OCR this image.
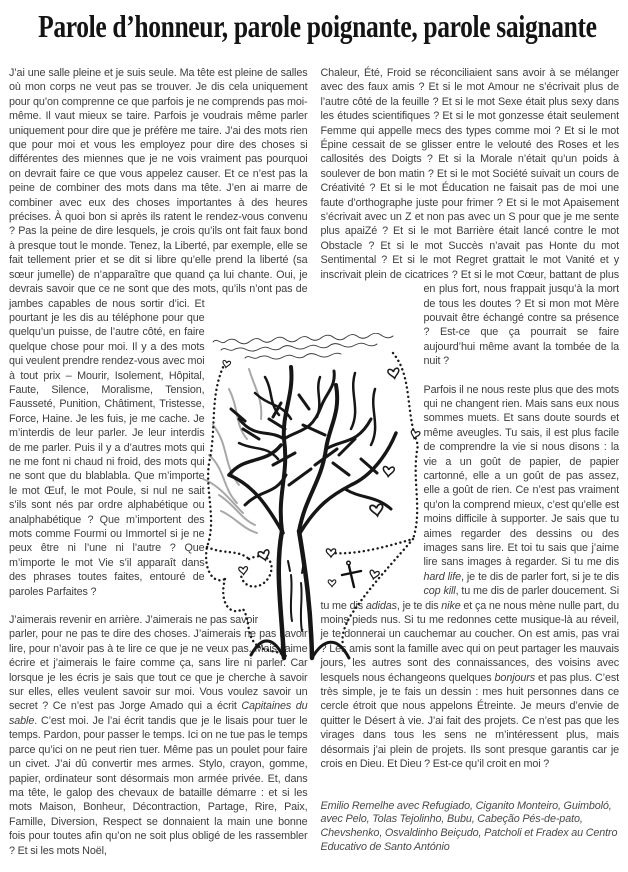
Parole d’honneur, parole poignante, parole saignante

J’ai une salle pleine et je suis seule. Ma tête est pleine de salles où mon corps ne veut pas se trouver. Je dis cela uniquement pour qu’on comprenne ce que parfois je ne comprends pas moi-même. Il vaut mieux se taire. Parfois je voudrais même parler uniquement pour dire que je préfère me taire. J’ai des mots rien que pour moi et vous les employez pour dire des choses si différentes des miennes que je ne vois vraiment pas pourquoi on devrait faire ce que vous appelez causer. Et ce n’est pas la peine de combiner des mots dans ma tête. J’en ai marre de combiner avec eux des choses importantes à des heures précises. À quoi bon si après ils ratent le rendez-vous convenu ? Pas la peine de dire lesquels, je crois qu’ils ont fait faux bond à presque tout le monde. Tenez, la Liberté, par exemple, elle se fait tellement prier et se dit si libre qu’elle prend la liberté (sa sœur jumelle) de n’apparaître que quand ça lui chante. Oui, je devrais savoir que ce ne sont
que des mots, qu’ils n’ont pas de jambes capables de nous sortir d’ici. Et pourtant je les dis au téléphone pour que quelqu’un puisse, de l’autre côté, en faire quelque chose pour moi. Il y a des mots qui veulent prendre rendez-vous avec moi à tout prix – Mourir, Isolement, Hôpital, Faute, Silence, Moralisme, Tension, Fausseté, Punition, Châtiment, Tristesse, Force, Haine. Je les fuis, je me cache. Je m’interdis de leur parler. Je leur interdis de me parler. Puis il y a d’autres mots qui ne me font ni chaud ni froid, des mots qui ne sont que du blablabla. Que m’importe le mot Œuf, le mot Poule, si nul ne sait s’ils sont nés par ordre alphabétique ou analphabétique ? Que m’importent des mots comme Fourmi ou Immortel si je ne peux être ni l’une ni l’autre ? Que m’importe le mot Vie s’il apparaît dans des phrases toutes faites, entouré de paroles Parfaites ?

J’aimerais revenir en arrière. J’aimerais ne pas savoir parler, pour ne pas te dire des choses. J’aimerais ne pas savoir lire, pour n’avoir pas à te lire ce que je ne veux pas. Mais j’aime écrire et j’aimerais le faire comme ça, sans lire ni parler. Car lorsque je les écris je sais que tout ce que je cherche à savoir sur elles, elles veulent savoir sur moi. Vous voulez savoir un secret ? Ce n’est pas Jorge Amado qui a écrit Capitaines du sable. C’est moi. Je l’ai écrit tandis que je le lisais pour tuer le temps. Pardon, pour passer le temps. Ici on ne tue pas le temps parce qu’ici on ne peut rien tuer. Même pas un poulet pour faire un civet. J’ai dû convertir mes armes. Stylo, crayon, gomme, papier, ordinateur sont désormais mon armée privée. Et, dans ma tête, le galop des chevaux de bataille démarre : et si les mots Maison, Bonheur, Décontraction, Partage, Rire, Paix, Famille, Diversion, Respect se donnaient la main une bonne fois pour toutes afin qu’on ne soit plus obligé de les rassembler ? Et si les mots Noël,

Chaleur, Été, Froid se réconciliaient sans avoir à se mélanger avec des faux amis ? Et si le mot Amour ne s’écrivait plus de l’autre côté de la feuille ? Et si le mot Sexe était plus sexy dans les études scientifiques ? Et si le mot gonzesse était seulement Femme qui appelle mecs des types comme moi ? Et si le mot Épine cessait de se glisser entre le velouté des Roses et les callosités des Doigts ? Et si la Morale n’était qu’un poids à soulever de bon matin ? Et si le mot Société suivait un cours de Créativité ? Et si le mot Éducation ne faisait pas de moi une faute d’orthographe juste pour frimer ? Et si le mot Apaisement s’écrivait avec un Z et non pas avec un S pour que je me sente plus apaiZé ? Et si le mot Barrière était lancé contre le mot Obstacle ? Et si le mot Succès n’avait pas Honte du mot Sentimental ? Et si le mot Regret grattait le mot Vanité et y inscrivait plein de cicatrices ? Et si le mot Cœur, battant de plus en plus fort, nous frappait jusqu’à
la mort de tous les doutes ? Et si mon mot Mère pouvait être échangé contre sa présence ? Est-ce que ça pourrait se faire aujourd’hui même avant la tombée de la nuit ?

Parfois il ne nous reste plus que des mots qui ne changent rien. Mais sans eux nous sommes muets. Et sans doute sourds et même aveugles. Tu sais, il est plus facile de comprendre la vie si nous disons : la vie a un goût de papier, de papier cartonné, elle a un goût de pas assez, elle a goût de rien. Ce n’est pas vraiment qu’on la comprend mieux, c’est qu’elle est moins difficile à supporter. Je sais que tu aimes regarder des dessins ou des images sans lire. Et toi tu sais que j’aime lire sans images à regarder. Si tu me dis hard life, je te dis de parler fort, si je te dis cop kill, tu me dis de parler doucement. Si tu me dis adidas, je te dis nike et ça ne nous mène nulle part, du moins pieds nus. Si tu me redonnes cette musique-là au réveil, je te donnerai un cauchemar au coucher. On est amis, pas vrai ? Les amis sont la famille avec qui on peut partager les mauvais jours, les autres sont des connaissances, des voisins avec lesquels nous échangeons quelques bonjours et pas plus. C’est très simple, je te fais un dessin : mes huit personnes dans ce cercle étroit que nous appelons Étreinte. Je meurs d’envie de quitter le Désert à vie. J’ai fait des projets. Ce n’est pas que les virages dans tous les sens ne m’intéressent plus, mais désormais j’ai plein de projets. Ils sont presque garantis car je crois en Dieu. Et Dieu ? Est-ce qu’il croit en moi ?

Emilio Remelhe avec Refugiado, Ciganito Monteiro, Guimboló, avec Pelo, Tolas Tejolinho, Bubu, Cabeção Pés-de-pato, Chevshenko, Osvaldinho Beiçudo, Patcholi et Fradex au Centro Educativo de Santo António
